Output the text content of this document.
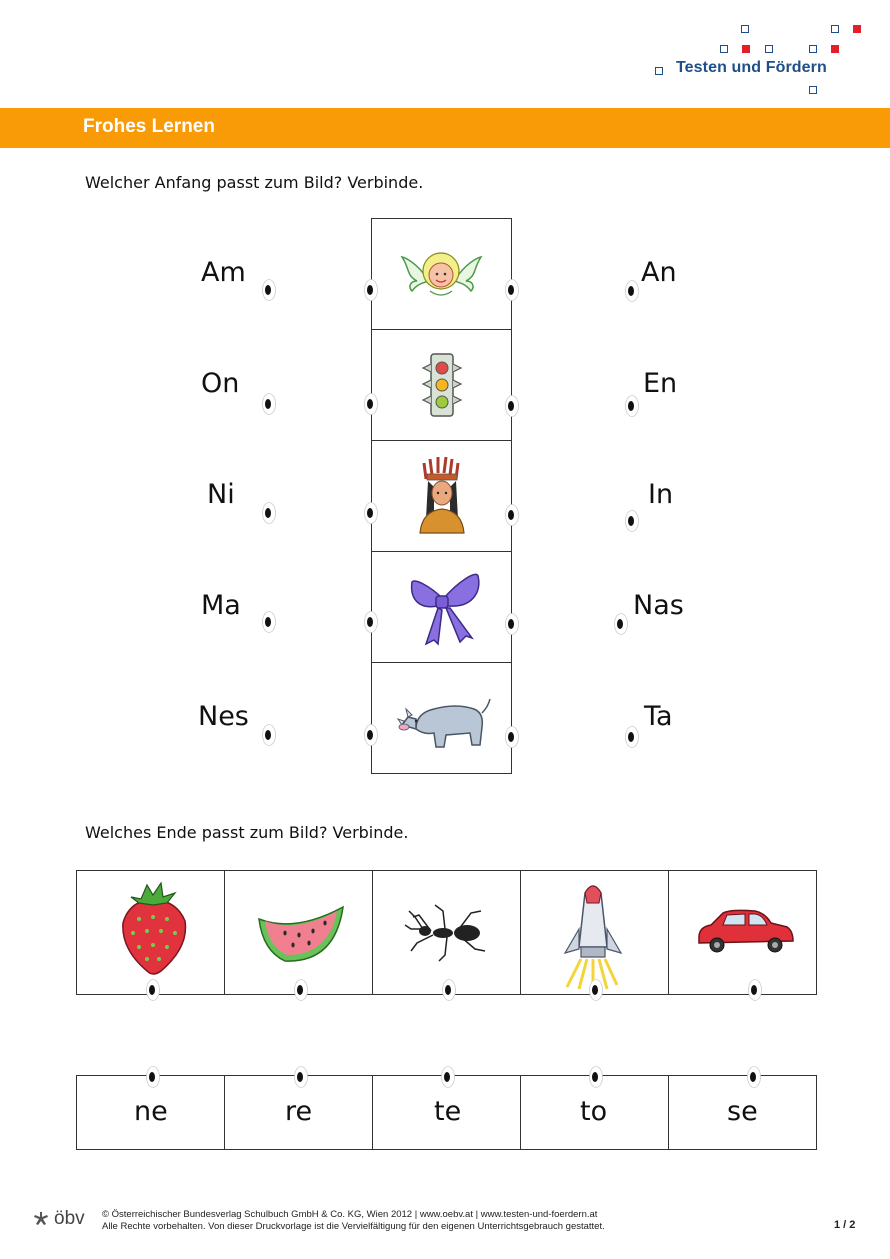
Testen und Fördern
Frohes Lernen
Welcher Anfang passt zum Bild? Verbinde.
Am
On
Ni
Ma
Nes
An
En
In
Nas
Ta
Welches Ende passt zum Bild? Verbinde.
ne	re	te	to	se
öbv © Österreichischer Bundesverlag Schulbuch GmbH & Co. KG, Wien 2012 | www.oebv.at | www.testen-und-foerdern.at
Alle Rechte vorbehalten. Von dieser Druckvorlage ist die Vervielfältigung für den eigenen Unterrichtsgebrauch gestattet.	1 / 2
